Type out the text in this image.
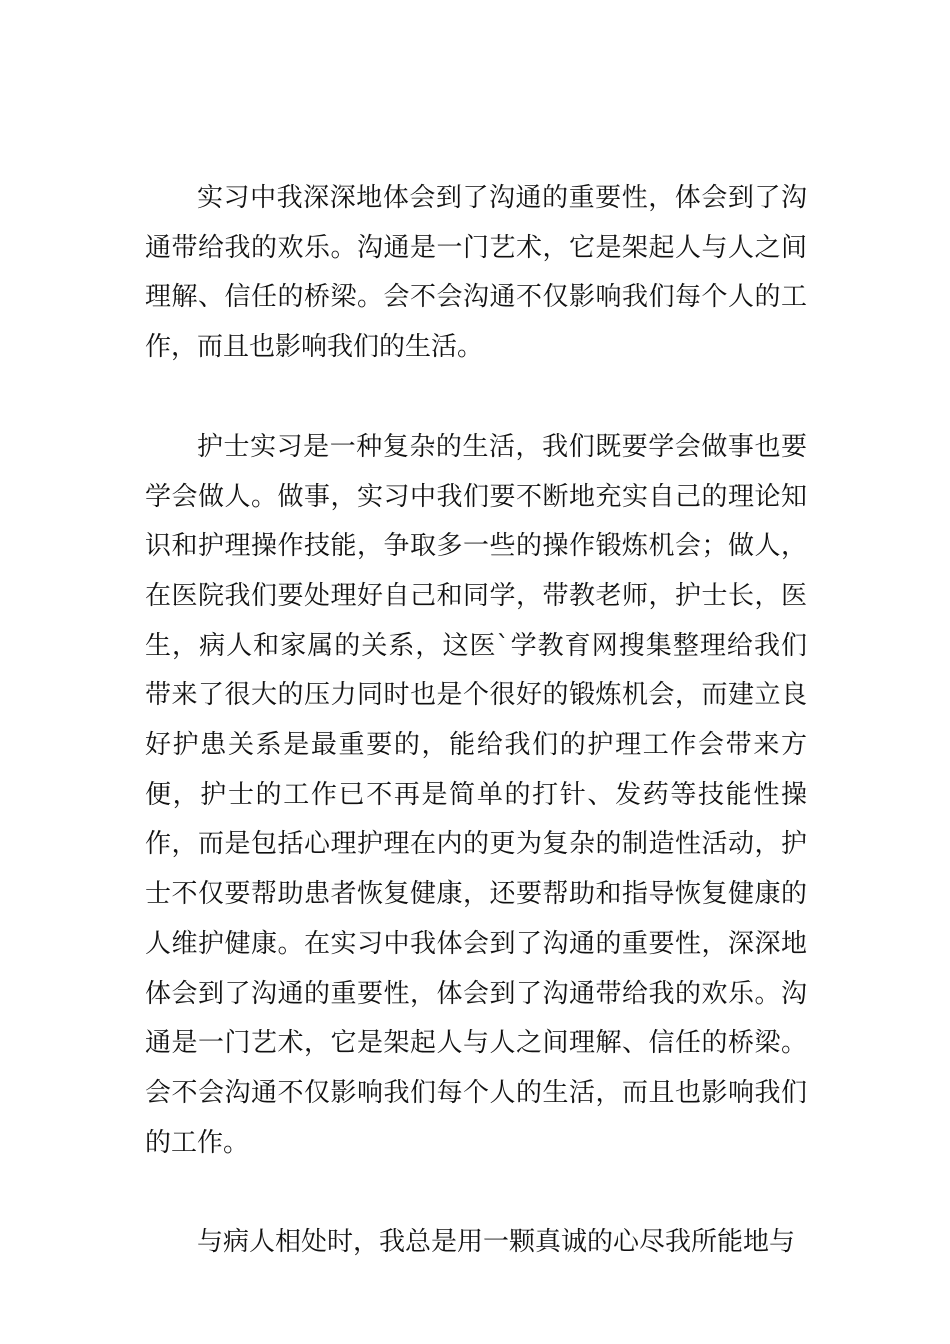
实习中我深深地体会到了沟通的重要性，体会到了沟通带给我的欢乐。沟通是一门艺术，它是架起人与人之间理解、信任的桥梁。会不会沟通不仅影响我们每个人的工作，而且也影响我们的生活。

护士实习是一种复杂的生活，我们既要学会做事也要学会做人。做事，实习中我们要不断地充实自己的理论知识和护理操作技能，争取多一些的操作锻炼机会；做人，在医院我们要处理好自己和同学，带教老师，护士长，医生，病人和家属的关系，这医`学教育网搜集整理给我们带来了很大的压力同时也是个很好的锻炼机会，而建立良好护患关系是最重要的，能给我们的护理工作会带来方便，护士的工作已不再是简单的打针、发药等技能性操作，而是包括心理护理在内的更为复杂的制造性活动，护士不仅要帮助患者恢复健康，还要帮助和指导恢复健康的人维护健康。在实习中我体会到了沟通的重要性，深深地体会到了沟通的重要性，体会到了沟通带给我的欢乐。沟通是一门艺术，它是架起人与人之间理解、信任的桥梁。会不会沟通不仅影响我们每个人的生活，而且也影响我们的工作。

与病人相处时，我总是用一颗真诚的心尽我所能地与
